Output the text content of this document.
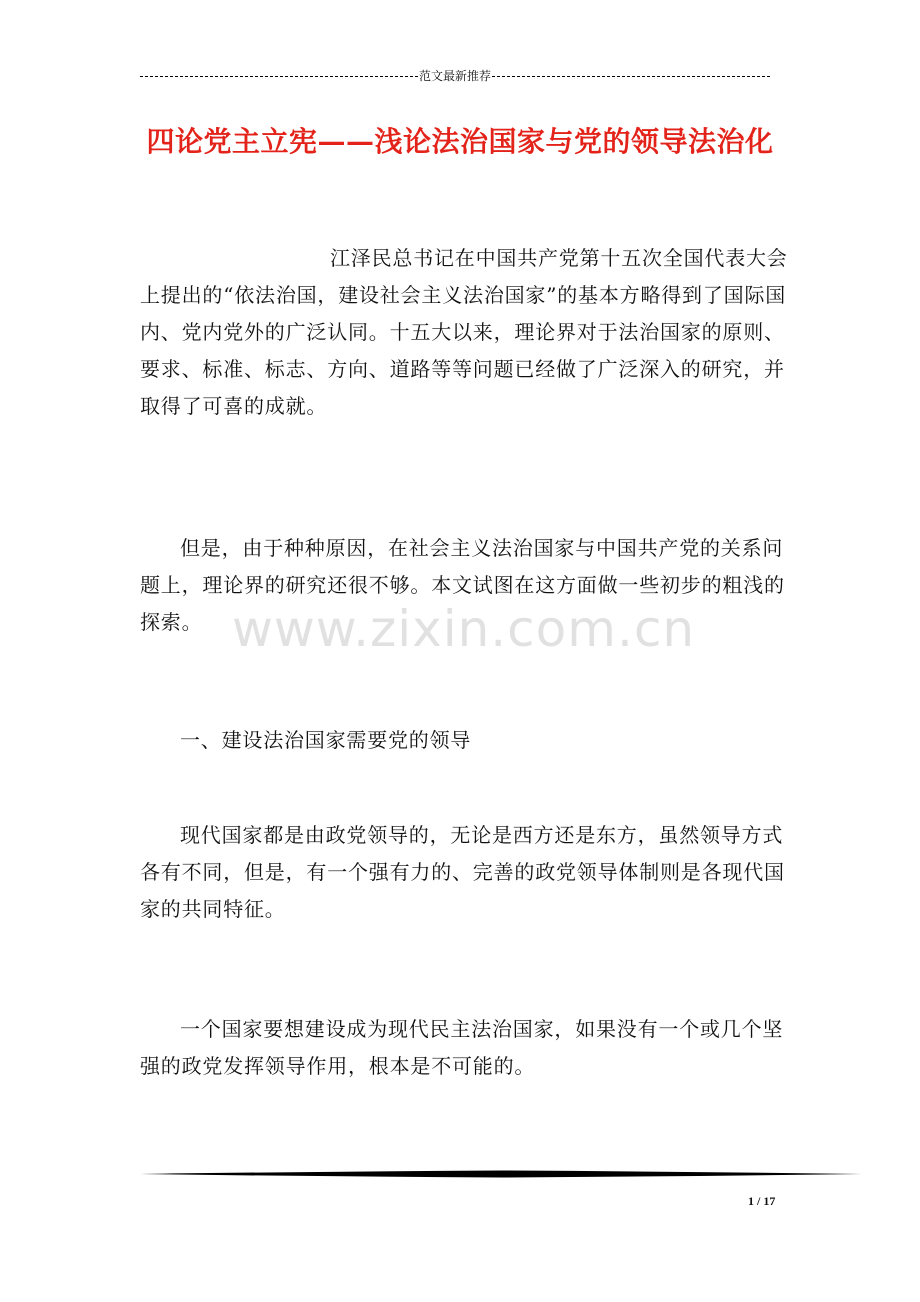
范文最新推荐
四论党主立宪——浅论法治国家与党的领导法治化
www.zixin.com.cn

江泽民总书记在中国共产党第十五次全国代表大会上提出的“依法治国，建设社会主义法治国家”的基本方略得到了国际国内、党内党外的广泛认同。十五大以来，理论界对于法治国家的原则、要求、标准、标志、方向、道路等等问题已经做了广泛深入的研究，并取得了可喜的成就。

但是，由于种种原因，在社会主义法治国家与中国共产党的关系问题上，理论界的研究还很不够。本文试图在这方面做一些初步的粗浅的探索。

一、建设法治国家需要党的领导

现代国家都是由政党领导的，无论是西方还是东方，虽然领导方式各有不同，但是，有一个强有力的、完善的政党领导体制则是各现代国家的共同特征。

一个国家要想建设成为现代民主法治国家，如果没有一个或几个坚强的政党发挥领导作用，根本是不可能的。

1 / 17
